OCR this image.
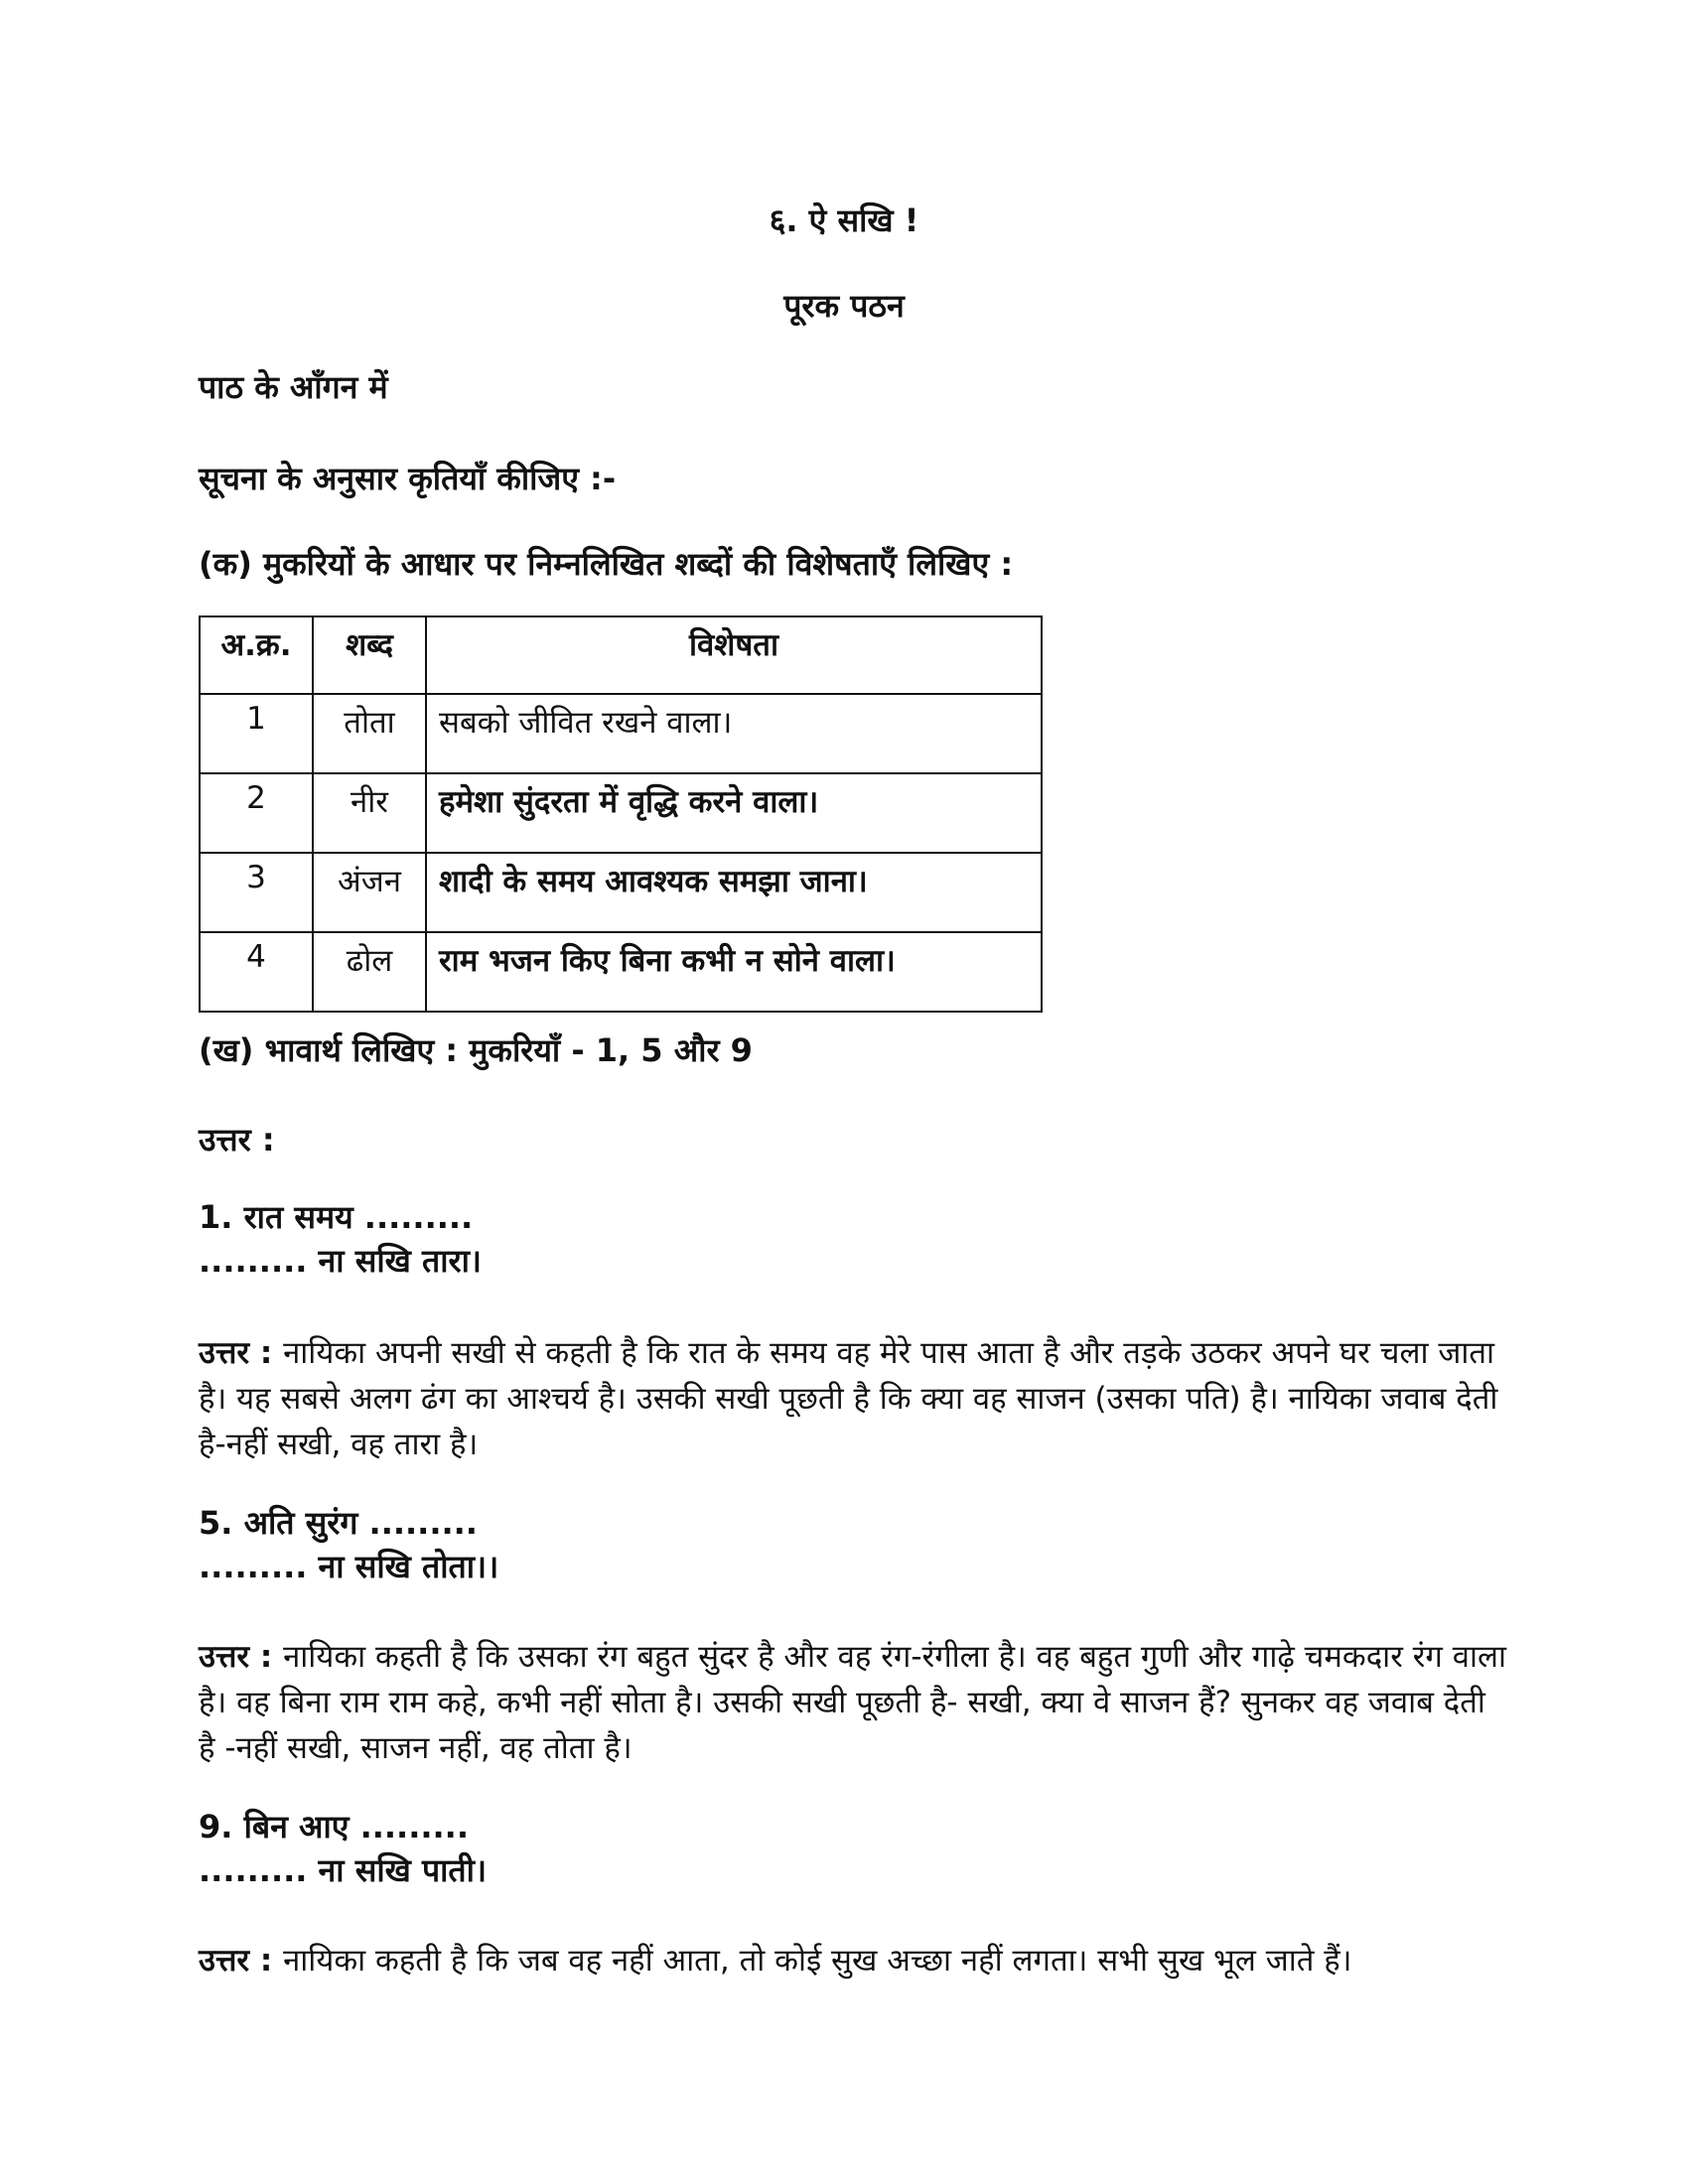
६. ऐ सखि !
पूरक पठन
पाठ के आँगन में
सूचना के अनुसार कृतियाँ कीजिए :-
(क) मुकरियों के आधार पर निम्नलिखित शब्दों की विशेषताएँ लिखिए :
अ.क्र.	शब्द	विशेषता
1	तोता	सबको जीवित रखने वाला।
2	नीर	हमेशा सुंदरता में वृद्धि करने वाला।
3	अंजन	शादी के समय आवश्यक समझा जाना।
4	ढोल	राम भजन किए बिना कभी न सोने वाला।
(ख) भावार्थ लिखिए : मुकरियाँ - 1, 5 और 9
उत्तर :
1. रात समय .........
......... ना सखि तारा।
उत्तर : नायिका अपनी सखी से कहती है कि रात के समय वह मेरे पास आता है और तड़के उठकर अपने घर चला जाता है। यह सबसे अलग ढंग का आश्चर्य है। उसकी सखी पूछती है कि क्या वह साजन (उसका पति) है। नायिका जवाब देती है-नहीं सखी, वह तारा है।
5. अति सुरंग .........
......... ना सखि तोता।।
उत्तर : नायिका कहती है कि उसका रंग बहुत सुंदर है और वह रंग-रंगीला है। वह बहुत गुणी और गाढ़े चमकदार रंग वाला है। वह बिना राम राम कहे, कभी नहीं सोता है। उसकी सखी पूछती है- सखी, क्या वे साजन हैं? सुनकर वह जवाब देती है -नहीं सखी, साजन नहीं, वह तोता है।
9. बिन आए .........
......... ना सखि पाती।
उत्तर : नायिका कहती है कि जब वह नहीं आता, तो कोई सुख अच्छा नहीं लगता। सभी सुख भूल जाते हैं।
